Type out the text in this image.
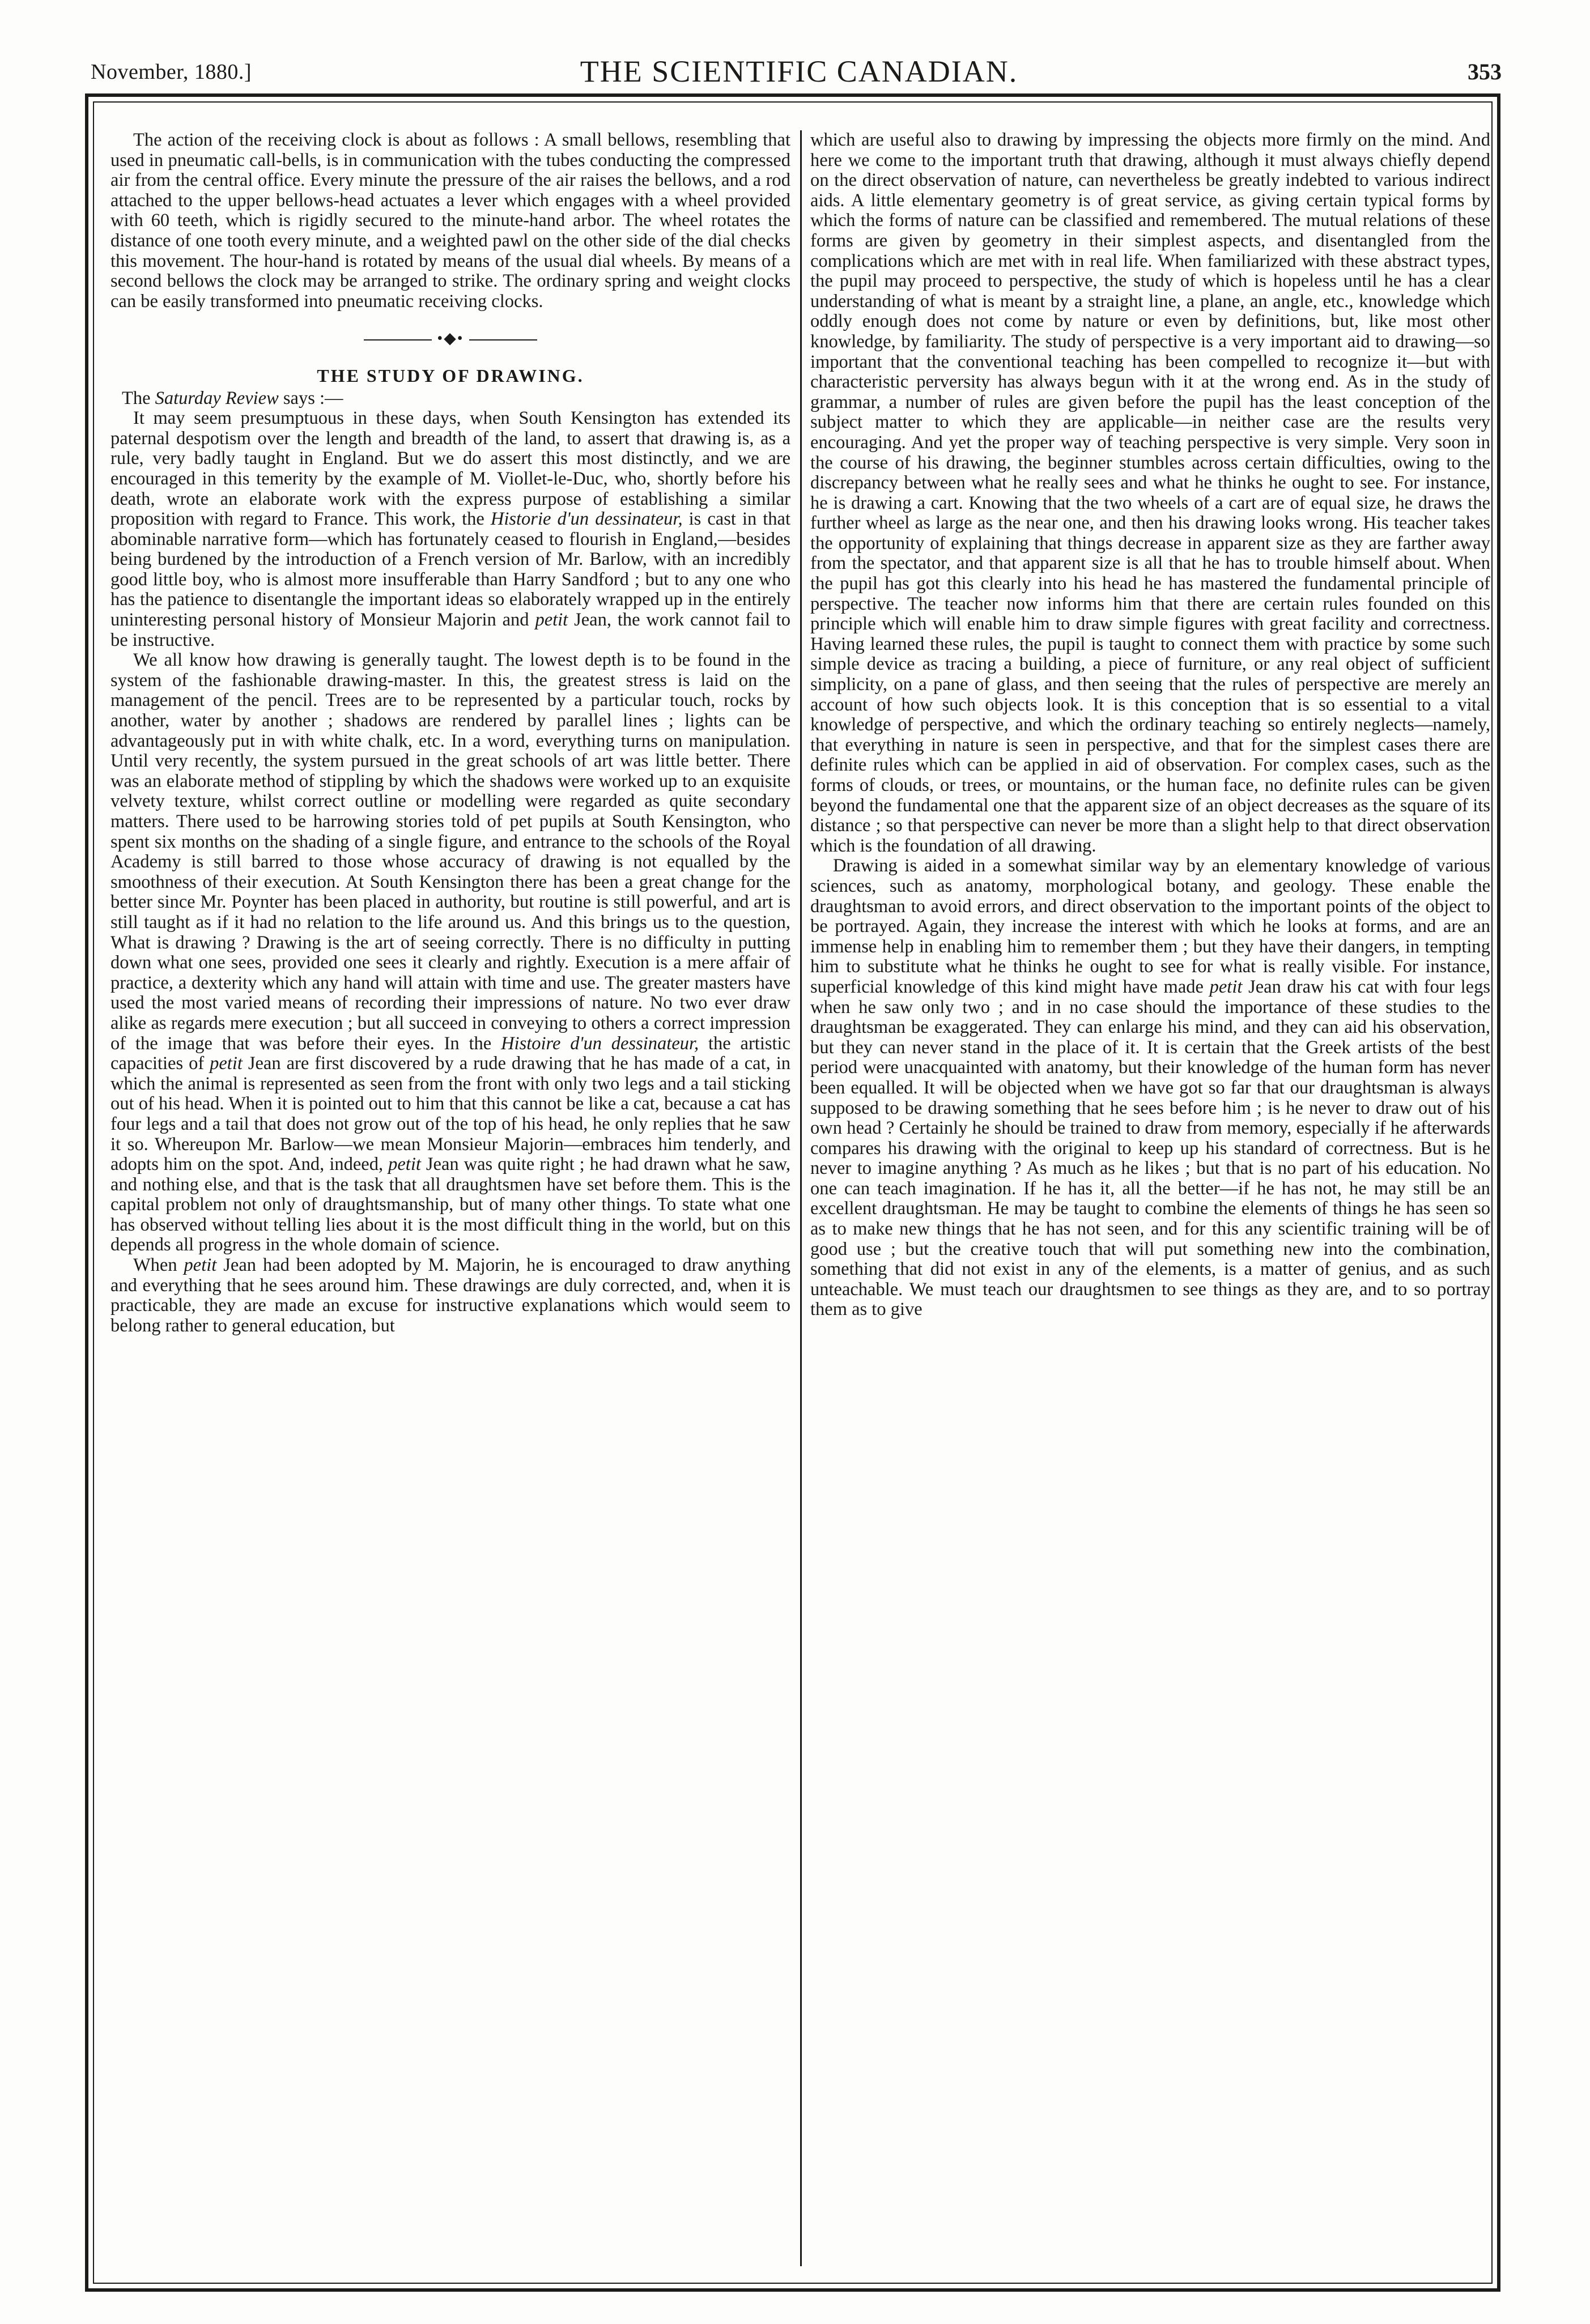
November, 1880.]	THE SCIENTIFIC CANADIAN.	353

The action of the receiving clock is about as follows : A small bellows, resembling that used in pneumatic call-bells, is in communication with the tubes conducting the compressed air from the central office. Every minute the pressure of the air raises the bellows, and a rod attached to the upper bellows-head actuates a lever which engages with a wheel provided with 60 teeth, which is rigidly secured to the minute-hand arbor. The wheel rotates the distance of one tooth every minute, and a weighted pawl on the other side of the dial checks this movement. The hour-hand is rotated by means of the usual dial wheels. By means of a second bellows the clock may be arranged to strike. The ordinary spring and weight clocks can be easily transformed into pneumatic receiving clocks.

•◆•
THE STUDY OF DRAWING.

The Saturday Review says :—

It may seem presumptuous in these days, when South Kensington has extended its paternal despotism over the length and breadth of the land, to assert that drawing is, as a rule, very badly taught in England. But we do assert this most distinctly, and we are encouraged in this temerity by the example of M. Viollet-le-Duc, who, shortly before his death, wrote an elaborate work with the express purpose of establishing a similar proposition with regard to France. This work, the Historie d'un dessinateur, is cast in that abominable narrative form—which has fortunately ceased to flourish in England,—besides being burdened by the introduction of a French version of Mr. Barlow, with an incredibly good little boy, who is almost more insufferable than Harry Sandford ; but to any one who has the patience to disentangle the important ideas so elaborately wrapped up in the entirely uninteresting personal history of Monsieur Majorin and petit Jean, the work cannot fail to be instructive.

We all know how drawing is generally taught. The lowest depth is to be found in the system of the fashionable drawing-master. In this, the greatest stress is laid on the management of the pencil. Trees are to be represented by a particular touch, rocks by another, water by another ; shadows are rendered by parallel lines ; lights can be advantageously put in with white chalk, etc. In a word, everything turns on manipulation. Until very recently, the system pursued in the great schools of art was little better. There was an elaborate method of stippling by which the shadows were worked up to an exquisite velvety texture, whilst correct outline or modelling were regarded as quite secondary matters. There used to be harrowing stories told of pet pupils at South Kensington, who spent six months on the shading of a single figure, and entrance to the schools of the Royal Academy is still barred to those whose accuracy of drawing is not equalled by the smoothness of their execution. At South Kensington there has been a great change for the better since Mr. Poynter has been placed in authority, but routine is still powerful, and art is still taught as if it had no relation to the life around us. And this brings us to the question, What is drawing ? Drawing is the art of seeing correctly. There is no difficulty in putting down what one sees, provided one sees it clearly and rightly. Execution is a mere affair of practice, a dexterity which any hand will attain with time and use. The greater masters have used the most varied means of recording their impressions of nature. No two ever draw alike as regards mere execution ; but all succeed in conveying to others a correct impression of the image that was before their eyes. In the Histoire d'un dessinateur, the artistic capacities of petit Jean are first discovered by a rude drawing that he has made of a cat, in which the animal is represented as seen from the front with only two legs and a tail sticking out of his head. When it is pointed out to him that this cannot be like a cat, because a cat has four legs and a tail that does not grow out of the top of his head, he only replies that he saw it so. Whereupon Mr. Barlow—we mean Monsieur Majorin—embraces him tenderly, and adopts him on the spot. And, indeed, petit Jean was quite right ; he had drawn what he saw, and nothing else, and that is the task that all draughtsmen have set before them. This is the capital problem not only of draughtsmanship, but of many other things. To state what one has observed without telling lies about it is the most difficult thing in the world, but on this depends all progress in the whole domain of science.

When petit Jean had been adopted by M. Majorin, he is encouraged to draw anything and everything that he sees around him. These drawings are duly corrected, and, when it is practicable, they are made an excuse for instructive explanations which would seem to belong rather to general education, but

which are useful also to drawing by impressing the objects more firmly on the mind. And here we come to the important truth that drawing, although it must always chiefly depend on the direct observation of nature, can nevertheless be greatly indebted to various indirect aids. A little elementary geometry is of great service, as giving certain typical forms by which the forms of nature can be classified and remembered. The mutual relations of these forms are given by geometry in their simplest aspects, and disentangled from the complications which are met with in real life. When familiarized with these abstract types, the pupil may proceed to perspective, the study of which is hopeless until he has a clear understanding of what is meant by a straight line, a plane, an angle, etc., knowledge which oddly enough does not come by nature or even by definitions, but, like most other knowledge, by familiarity. The study of perspective is a very important aid to drawing—so important that the conventional teaching has been compelled to recognize it—but with characteristic perversity has always begun with it at the wrong end. As in the study of grammar, a number of rules are given before the pupil has the least conception of the subject matter to which they are applicable—in neither case are the results very encouraging. And yet the proper way of teaching perspective is very simple. Very soon in the course of his drawing, the beginner stumbles across certain difficulties, owing to the discrepancy between what he really sees and what he thinks he ought to see. For instance, he is drawing a cart. Knowing that the two wheels of a cart are of equal size, he draws the further wheel as large as the near one, and then his drawing looks wrong. His teacher takes the opportunity of explaining that things decrease in apparent size as they are farther away from the spectator, and that apparent size is all that he has to trouble himself about. When the pupil has got this clearly into his head he has mastered the fundamental principle of perspective. The teacher now informs him that there are certain rules founded on this principle which will enable him to draw simple figures with great facility and correctness. Having learned these rules, the pupil is taught to connect them with practice by some such simple device as tracing a building, a piece of furniture, or any real object of sufficient simplicity, on a pane of glass, and then seeing that the rules of perspective are merely an account of how such objects look. It is this conception that is so essential to a vital knowledge of perspective, and which the ordinary teaching so entirely neglects—namely, that everything in nature is seen in perspective, and that for the simplest cases there are definite rules which can be applied in aid of observation. For complex cases, such as the forms of clouds, or trees, or mountains, or the human face, no definite rules can be given beyond the fundamental one that the apparent size of an object decreases as the square of its distance ; so that perspective can never be more than a slight help to that direct observation which is the foundation of all drawing.

Drawing is aided in a somewhat similar way by an elementary knowledge of various sciences, such as anatomy, morphological botany, and geology. These enable the draughtsman to avoid errors, and direct observation to the important points of the object to be portrayed. Again, they increase the interest with which he looks at forms, and are an immense help in enabling him to remember them ; but they have their dangers, in tempting him to substitute what he thinks he ought to see for what is really visible. For instance, superficial knowledge of this kind might have made petit Jean draw his cat with four legs when he saw only two ; and in no case should the importance of these studies to the draughtsman be exaggerated. They can enlarge his mind, and they can aid his observation, but they can never stand in the place of it. It is certain that the Greek artists of the best period were unacquainted with anatomy, but their knowledge of the human form has never been equalled. It will be objected when we have got so far that our draughtsman is always supposed to be drawing something that he sees before him ; is he never to draw out of his own head ? Certainly he should be trained to draw from memory, especially if he afterwards compares his drawing with the original to keep up his standard of correctness. But is he never to imagine anything ? As much as he likes ; but that is no part of his education. No one can teach imagination. If he has it, all the better—if he has not, he may still be an excellent draughtsman. He may be taught to combine the elements of things he has seen so as to make new things that he has not seen, and for this any scientific training will be of good use ; but the creative touch that will put something new into the combination, something that did not exist in any of the elements, is a matter of genius, and as such unteachable. We must teach our draughtsmen to see things as they are, and to so portray them as to give
